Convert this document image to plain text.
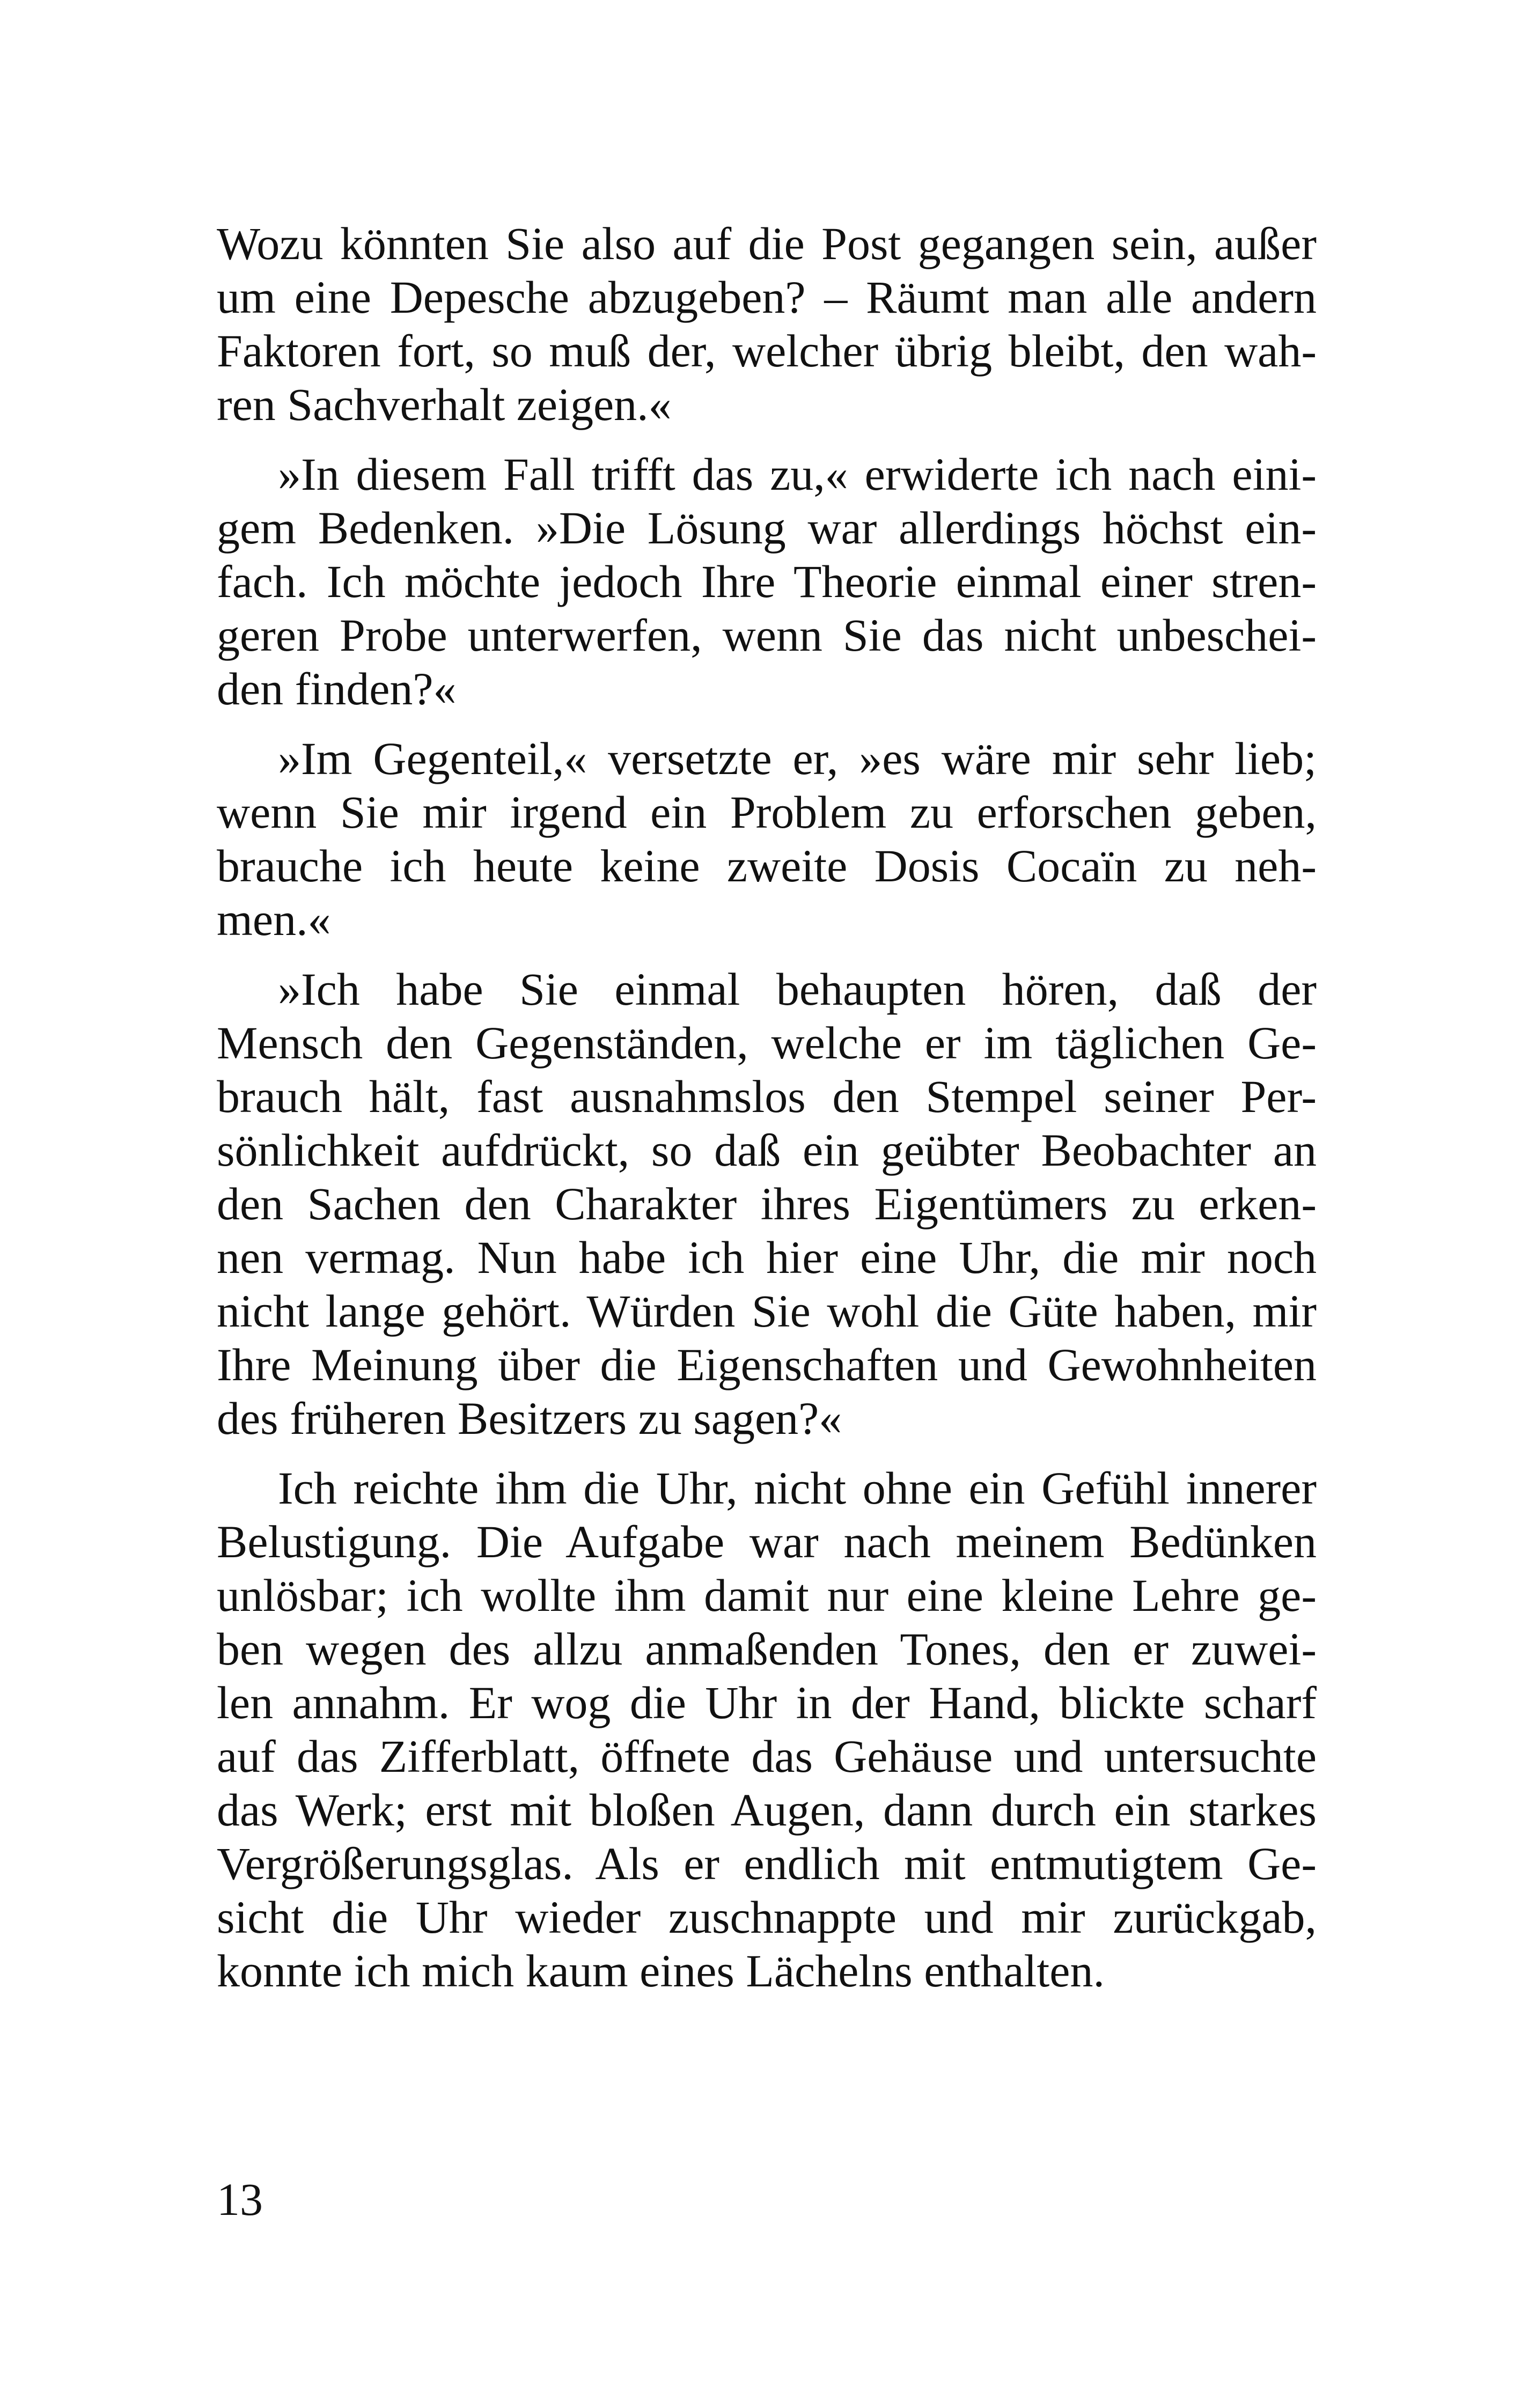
Wozu könnten Sie also auf die Post gegangen sein, außer
um eine Depesche abzugeben? – Räumt man alle andern
Faktoren fort, so muß der, welcher übrig bleibt, den wah-
ren Sachverhalt zeigen.«
»In diesem Fall trifft das zu,« erwiderte ich nach eini-
gem Bedenken. »Die Lösung war allerdings höchst ein-
fach. Ich möchte jedoch Ihre Theorie einmal einer stren-
geren Probe unterwerfen, wenn Sie das nicht unbeschei-
den finden?«
»Im Gegenteil,« versetzte er, »es wäre mir sehr lieb;
wenn Sie mir irgend ein Problem zu erforschen geben,
brauche ich heute keine zweite Dosis Cocaïn zu neh-
men.«
»Ich habe Sie einmal behaupten hören, daß der
Mensch den Gegenständen, welche er im täglichen Ge-
brauch hält, fast ausnahmslos den Stempel seiner Per-
sönlichkeit aufdrückt, so daß ein geübter Beobachter an
den Sachen den Charakter ihres Eigentümers zu erken-
nen vermag. Nun habe ich hier eine Uhr, die mir noch
nicht lange gehört. Würden Sie wohl die Güte haben, mir
Ihre Meinung über die Eigenschaften und Gewohnheiten
des früheren Besitzers zu sagen?«
Ich reichte ihm die Uhr, nicht ohne ein Gefühl innerer
Belustigung. Die Aufgabe war nach meinem Bedünken
unlösbar; ich wollte ihm damit nur eine kleine Lehre ge-
ben wegen des allzu anmaßenden Tones, den er zuwei-
len annahm. Er wog die Uhr in der Hand, blickte scharf
auf das Zifferblatt, öffnete das Gehäuse und untersuchte
das Werk; erst mit bloßen Augen, dann durch ein starkes
Vergrößerungsglas. Als er endlich mit entmutigtem Ge-
sicht die Uhr wieder zuschnappte und mir zurückgab,
konnte ich mich kaum eines Lächelns enthalten.
13
